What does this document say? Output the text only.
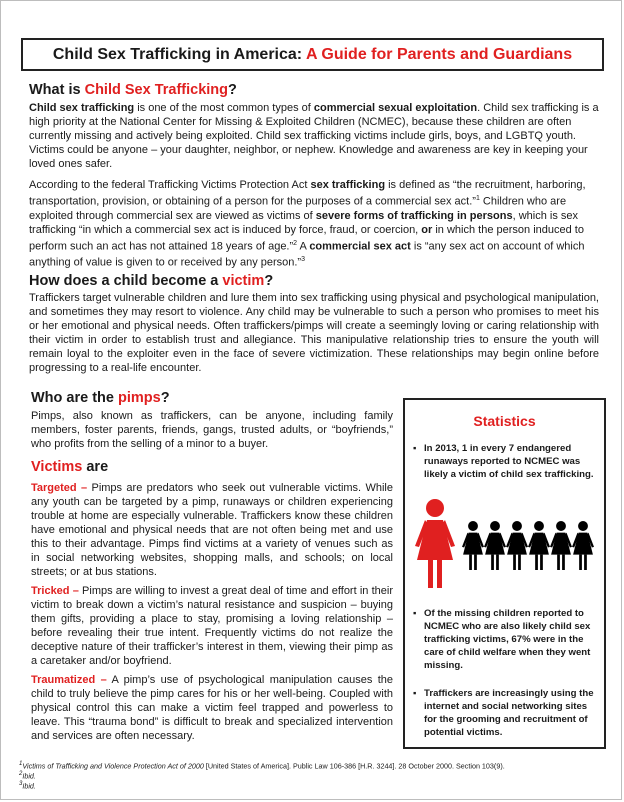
Child Sex Trafficking in America: A Guide for Parents and Guardians
What is Child Sex Trafficking?

Child sex trafficking is one of the most common types of commercial sexual exploitation. Child sex trafficking is a high priority at the National Center for Missing & Exploited Children (NCMEC), because these children are often currently missing and actively being exploited. Child sex trafficking victims include girls, boys, and LGBTQ youth. Victims could be anyone – your daughter, neighbor, or nephew. Knowledge and awareness are key in keeping your loved ones safer.

According to the federal Trafficking Victims Protection Act sex trafficking is defined as “the recruitment, harboring, transportation, provision, or obtaining of a person for the purposes of a commercial sex act.”$^1$ Children who are exploited through commercial sex are viewed as victims of severe forms of trafficking in persons, which is sex trafficking “in which a commercial sex act is induced by force, fraud, or coercion, or in which the person induced to perform such an act has not attained 18 years of age.”$^2$ A commercial sex act is “any sex act on account of which anything of value is given to or received by any person.”$^3$

How does a child become a victim?

Traffickers target vulnerable children and lure them into sex trafficking using physical and psychological manipulation, and sometimes they may resort to violence. Any child may be vulnerable to such a person who promises to meet his or her emotional and physical needs. Often traffickers/pimps will create a seemingly loving or caring relationship with their victim in order to establish trust and allegiance. This manipulative relationship tries to ensure the youth will remain loyal to the exploiter even in the face of severe victimization. These relationships may begin online before progressing to a real-life encounter.

Who are the pimps?

Pimps, also known as traffickers, can be anyone, including family members, foster parents, friends, gangs, trusted adults, or “boyfriends,” who profits from the selling of a minor to a buyer.

Victims are

Targeted – Pimps are predators who seek out vulnerable victims. While any youth can be targeted by a pimp, runaways or children experiencing trouble at home are especially vulnerable. Traffickers know these children have emotional and physical needs that are not often being met and use this to their advantage. Pimps find victims at a variety of venues such as in social networking websites, shopping malls, and schools; on local streets; or at bus stations.

Tricked – Pimps are willing to invest a great deal of time and effort in their victim to break down a victim’s natural resistance and suspicion – buying them gifts, providing a place to stay, promising a loving relationship – before revealing their true intent. Frequently victims do not realize the deceptive nature of their trafficker’s interest in them, viewing their pimp as a caretaker and/or boyfriend.

Traumatized – A pimp’s use of psychological manipulation causes the child to truly believe the pimp cares for his or her well-being. Coupled with physical control this can make a victim feel trapped and powerless to leave. This “trauma bond” is difficult to break and specialized intervention and services are often necessary.

Statistics
▪ In 2013, 1 in every 7 endangered runaways reported to NCMEC was likely a victim of child sex trafficking.
▪ Of the missing children reported to NCMEC who are also likely child sex trafficking victims, 67% were in the care of child welfare when they went missing.
▪ Traffickers are increasingly using the internet and social networking sites for the grooming and recruitment of potential victims.
$^1$Victims of Trafficking and Violence Protection Act of 2000 [United States of America]. Public Law 106-386 [H.R. 3244]. 28 October 2000. Section 103(9).
$^2$Ibid.
$^3$Ibid.
